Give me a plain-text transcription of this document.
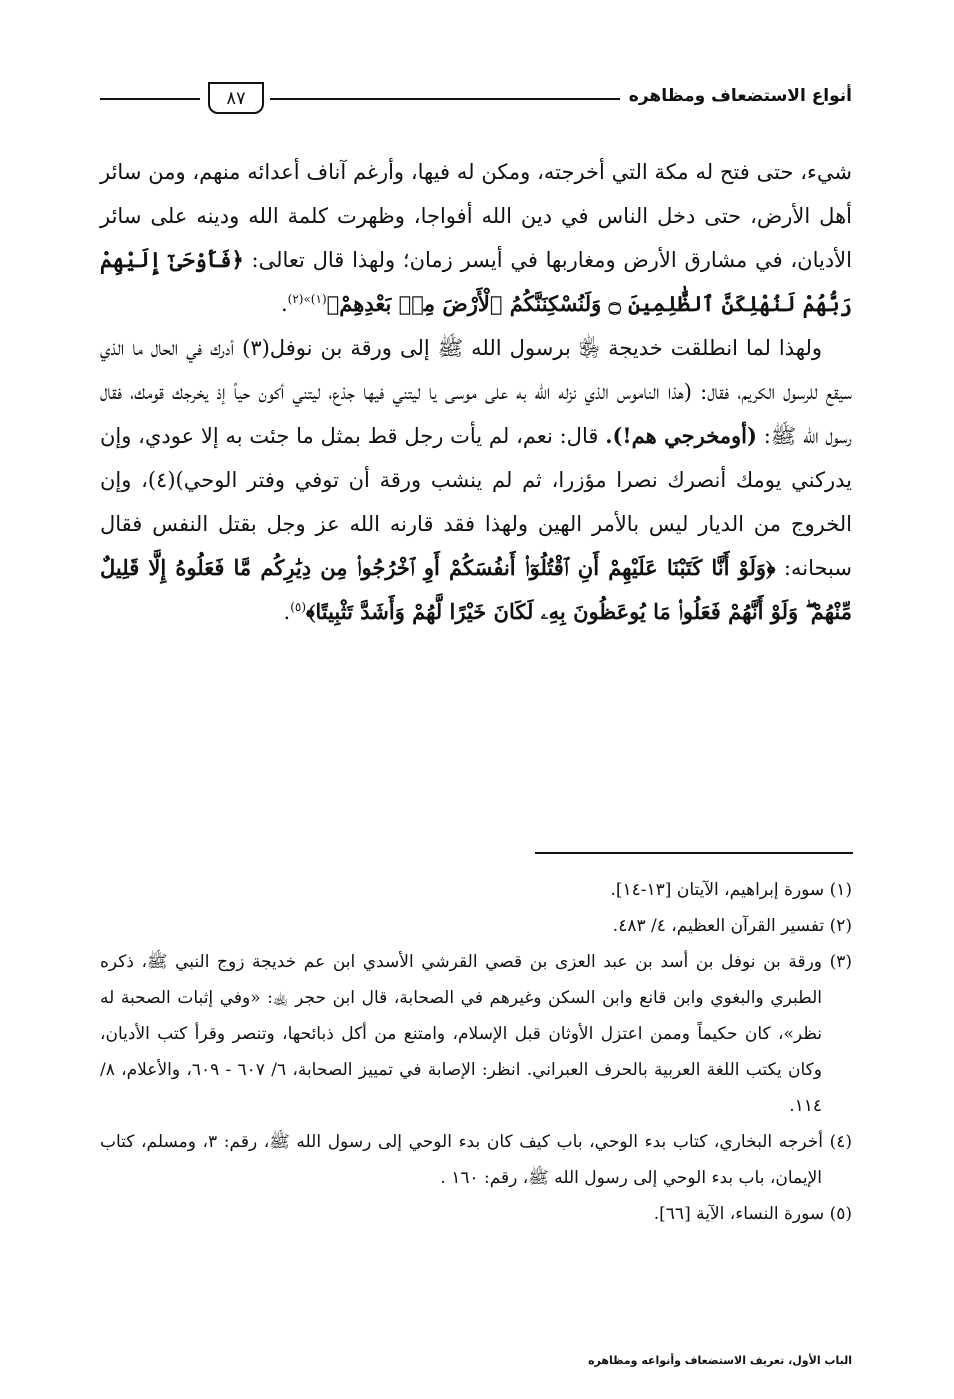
٨٧	أنواع الاستضعاف ومظاهره

شيء، حتى فتح له مكة التي أخرجته، ومكن له فيها، وأرغم آناف أعدائه منهم، ومن سائر أهل الأرض، حتى دخل الناس في دين الله أفواجا، وظهرت كلمة الله ودينه على سائر الأديان، في مشارق الأرض ومغاربها في أيسر زمان؛ ولهذا قال تعالى: ﴿فَأَوْحَىٰٓ إِلَيْهِمْ رَبُّهُمْ لَنُهْلِكَنَّ ٱلظَّٰلِمِينَ ۝ وَلَنُسْكِنَنَّكُمُ ٱلْأَرْضَ مِنۢ بَعْدِهِمْ﴾$^{(١)»(٢)}$.

ولهذا لما انطلقت خديجة ﵂ برسول الله ﷺ إلى ورقة بن نوفل(٣) أدرك في الحال ما الذي سيقع للرسول الكريم، فقال: (هذا الناموس الذي نزله الله به على موسى يا ليتني فيها جذع، ليتني أكون حياً إذ يخرجك قومك، فقال رسول الله ﷺ: (أومخرجي هم!). قال: نعم، لم يأت رجل قط بمثل ما جئت به إلا عودي، وإن يدركني يومك أنصرك نصرا مؤزرا، ثم لم ينشب ورقة أن توفي وفتر الوحي)(٤)، وإن الخروج من الديار ليس بالأمر الهين ولهذا فقد قارنه الله عز وجل بقتل النفس فقال سبحانه: ﴿وَلَوْ أَنَّا كَتَبْنَا عَلَيْهِمْ أَنِ ٱقْتُلُوٓا۟ أَنفُسَكُمْ أَوِ ٱخْرُجُوا۟ مِن دِيَٰرِكُم مَّا فَعَلُوهُ إِلَّا قَلِيلٌ مِّنْهُمْ ۖ وَلَوْ أَنَّهُمْ فَعَلُوا۟ مَا يُوعَظُونَ بِهِۦ لَكَانَ خَيْرًا لَّهُمْ وَأَشَدَّ تَثْبِيتًا﴾$^{(٥)}$.

(١) سورة إبراهيم، الآيتان [١٣-١٤].

(٢) تفسير القرآن العظيم، ٤/ ٤٨٣.

(٣) ورقة بن نوفل بن أسد بن عبد العزى بن قصي القرشي الأسدي ابن عم خديجة زوج النبي ﷺ، ذكره الطبري والبغوي وابن قانع وابن السكن وغيرهم في الصحابة، قال ابن حجر ﵀: «وفي إثبات الصحبة له نظر»، كان حكيماً وممن اعتزل الأوثان قبل الإسلام، وامتنع من أكل ذبائحها، وتنصر وقرأ كتب الأديان، وكان يكتب اللغة العربية بالحرف العبراني. انظر: الإصابة في تمييز الصحابة، ٦/ ٦٠٧ - ٦٠٩، والأعلام، ٨/ ١١٤.

(٤) أخرجه البخاري، كتاب بدء الوحي، باب كيف كان بدء الوحي إلى رسول الله ﷺ، رقم: ٣، ومسلم، كتاب الإيمان، باب بدء الوحي إلى رسول الله ﷺ، رقم: ١٦٠ .

(٥) سورة النساء، الآية [٦٦].

الباب الأول، تعريف الاستضعاف وأنواعه ومظاهره
